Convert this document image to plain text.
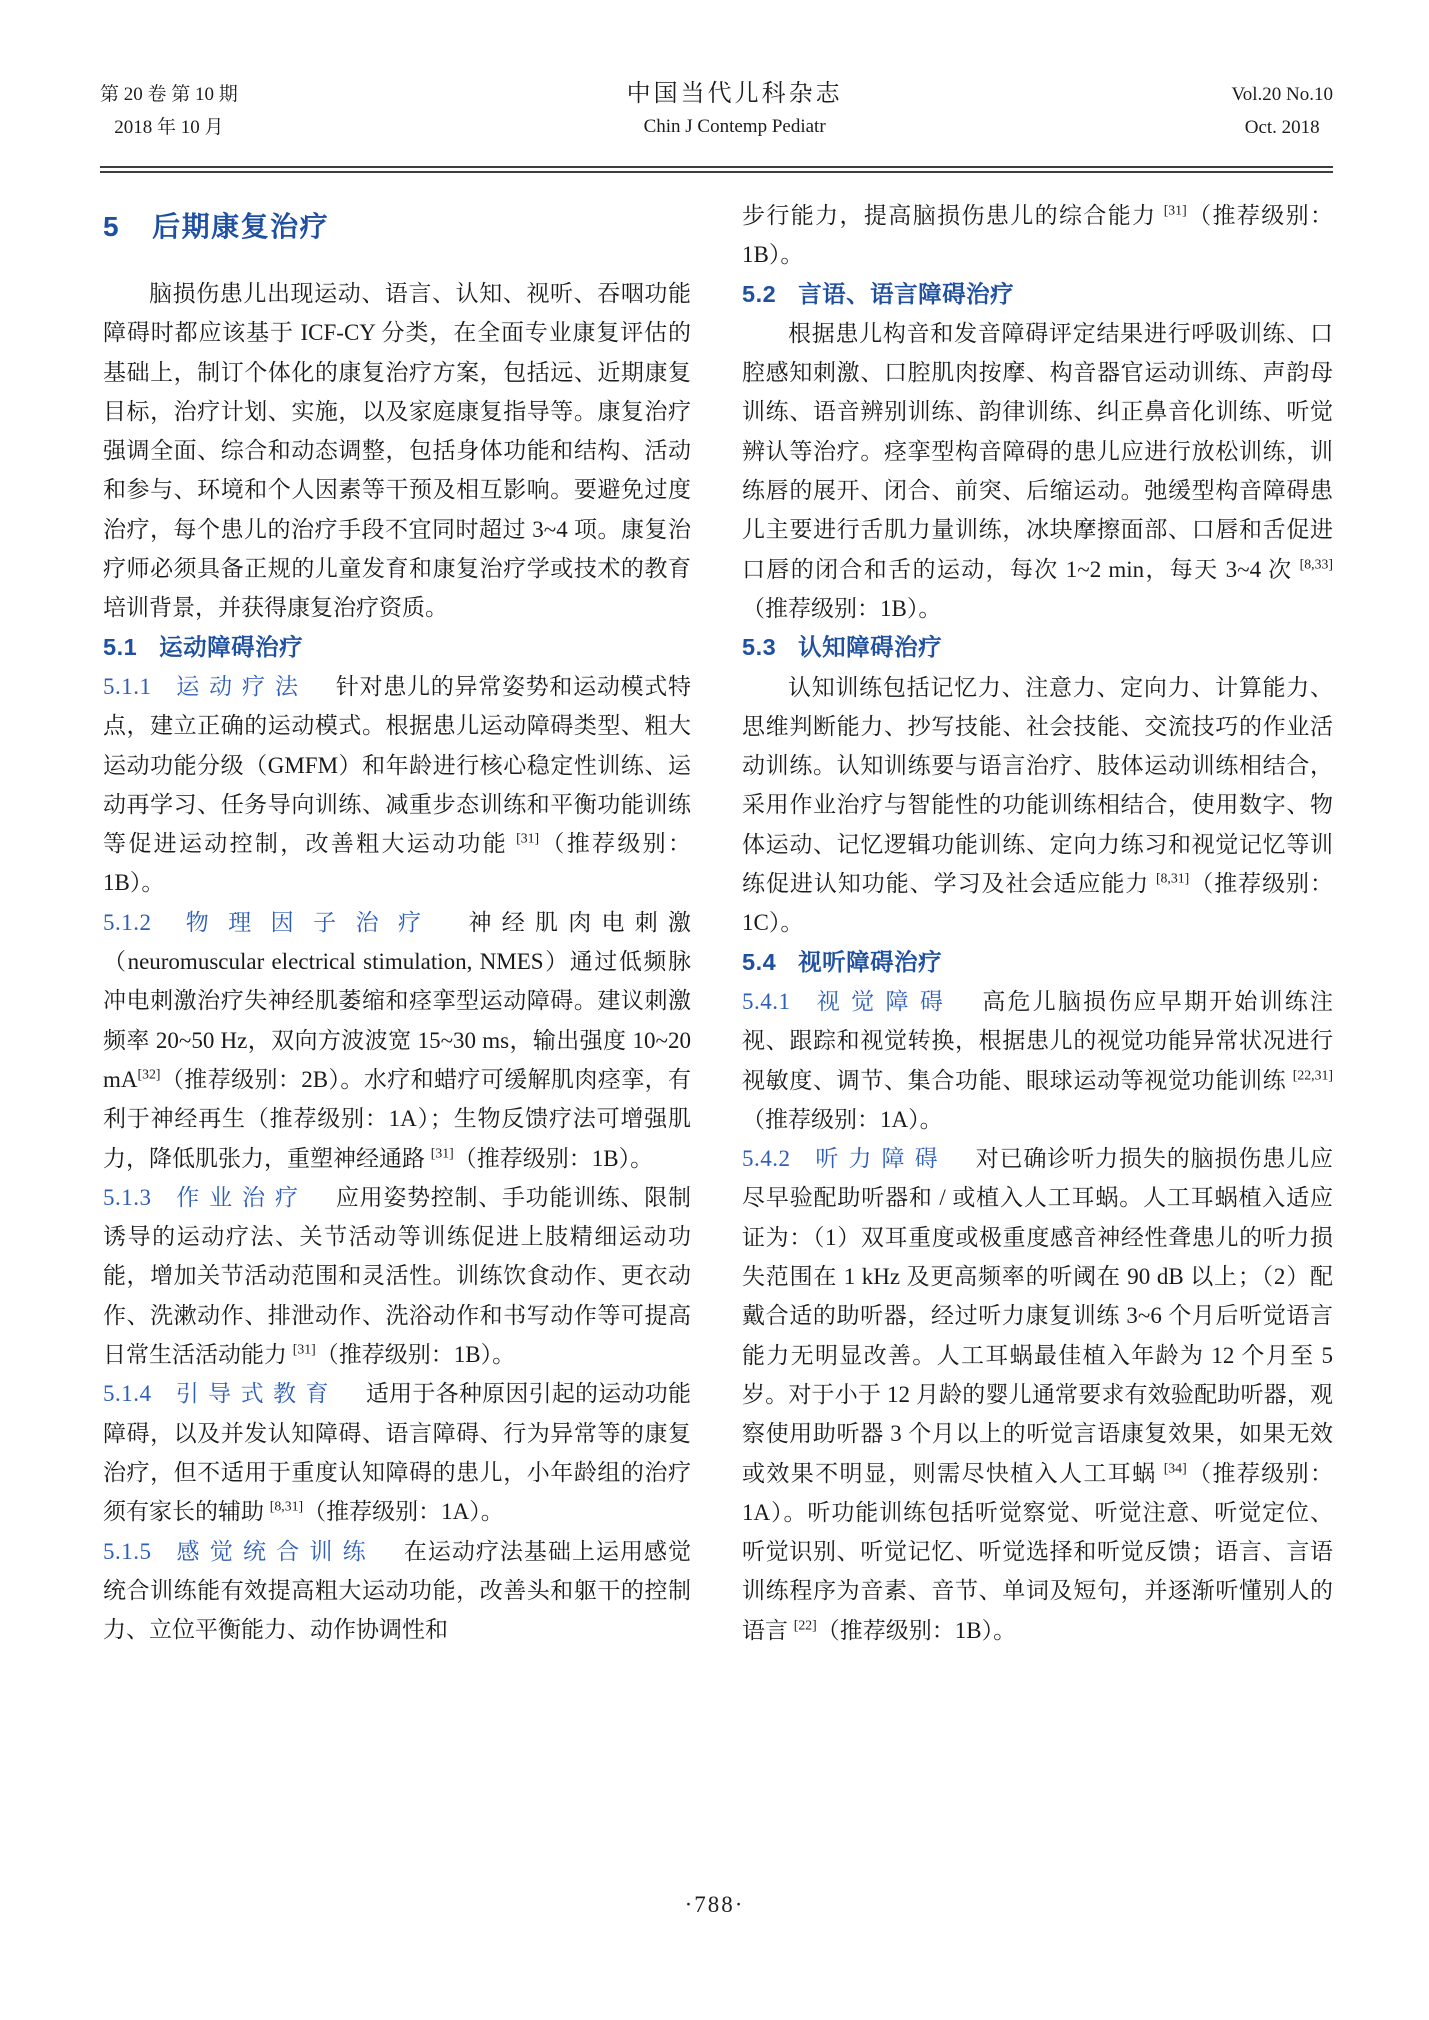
第 20 卷 第 10 期
2018 年 10 月
中国当代儿科杂志
Chin J Contemp Pediatr
Vol.20 No.10
Oct. 2018
5 后期康复治疗

脑损伤患儿出现运动、语言、认知、视听、吞咽功能障碍时都应该基于 ICF-CY 分类，在全面专业康复评估的基础上，制订个体化的康复治疗方案，包括远、近期康复目标，治疗计划、实施，以及家庭康复指导等。康复治疗强调全面、综合和动态调整，包括身体功能和结构、活动和参与、环境和个人因素等干预及相互影响。要避免过度治疗，每个患儿的治疗手段不宜同时超过 3~4 项。康复治疗师必须具备正规的儿童发育和康复治疗学或技术的教育培训背景，并获得康复治疗资质。

5.1 运动障碍治疗

5.1.1 运动疗法 针对患儿的异常姿势和运动模式特点，建立正确的运动模式。根据患儿运动障碍类型、粗大运动功能分级（GMFM）和年龄进行核心稳定性训练、运动再学习、任务导向训练、减重步态训练和平衡功能训练等促进运动控制，改善粗大运动功能 [31]（推荐级别：1B）。

5.1.2 物理因子治疗 神经肌肉电刺激（neuromuscular electrical stimulation, NMES）通过低频脉冲电刺激治疗失神经肌萎缩和痉挛型运动障碍。建议刺激频率 20~50 Hz，双向方波波宽 15~30 ms，输出强度 10~20 mA[32]（推荐级别：2B）。水疗和蜡疗可缓解肌肉痉挛，有利于神经再生（推荐级别：1A）；生物反馈疗法可增强肌力，降低肌张力，重塑神经通路 [31]（推荐级别：1B）。

5.1.3 作业治疗 应用姿势控制、手功能训练、限制诱导的运动疗法、关节活动等训练促进上肢精细运动功能，增加关节活动范围和灵活性。训练饮食动作、更衣动作、洗漱动作、排泄动作、洗浴动作和书写动作等可提高日常生活活动能力 [31]（推荐级别：1B）。

5.1.4 引导式教育 适用于各种原因引起的运动功能障碍，以及并发认知障碍、语言障碍、行为异常等的康复治疗，但不适用于重度认知障碍的患儿，小年龄组的治疗须有家长的辅助 [8,31]（推荐级别：1A）。

5.1.5 感觉统合训练 在运动疗法基础上运用感觉统合训练能有效提高粗大运动功能，改善头和躯干的控制力、立位平衡能力、动作协调性和

步行能力，提高脑损伤患儿的综合能力 [31]（推荐级别：1B）。

5.2 言语、语言障碍治疗

根据患儿构音和发音障碍评定结果进行呼吸训练、口腔感知刺激、口腔肌肉按摩、构音器官运动训练、声韵母训练、语音辨别训练、韵律训练、纠正鼻音化训练、听觉辨认等治疗。痉挛型构音障碍的患儿应进行放松训练，训练唇的展开、闭合、前突、后缩运动。弛缓型构音障碍患儿主要进行舌肌力量训练，冰块摩擦面部、口唇和舌促进口唇的闭合和舌的运动，每次 1~2 min，每天 3~4 次 [8,33]（推荐级别：1B）。

5.3 认知障碍治疗

认知训练包括记忆力、注意力、定向力、计算能力、思维判断能力、抄写技能、社会技能、交流技巧的作业活动训练。认知训练要与语言治疗、肢体运动训练相结合，采用作业治疗与智能性的功能训练相结合，使用数字、物体运动、记忆逻辑功能训练、定向力练习和视觉记忆等训练促进认知功能、学习及社会适应能力 [8,31]（推荐级别：1C）。

5.4 视听障碍治疗

5.4.1 视觉障碍 高危儿脑损伤应早期开始训练注视、跟踪和视觉转换，根据患儿的视觉功能异常状况进行视敏度、调节、集合功能、眼球运动等视觉功能训练 [22,31]（推荐级别：1A）。

5.4.2 听力障碍 对已确诊听力损失的脑损伤患儿应尽早验配助听器和 / 或植入人工耳蜗。人工耳蜗植入适应证为：（1）双耳重度或极重度感音神经性聋患儿的听力损失范围在 1 kHz 及更高频率的听阈在 90 dB 以上；（2）配戴合适的助听器，经过听力康复训练 3~6 个月后听觉语言能力无明显改善。人工耳蜗最佳植入年龄为 12 个月至 5 岁。对于小于 12 月龄的婴儿通常要求有效验配助听器，观察使用助听器 3 个月以上的听觉言语康复效果，如果无效或效果不明显，则需尽快植入人工耳蜗 [34]（推荐级别：1A）。听功能训练包括听觉察觉、听觉注意、听觉定位、听觉识别、听觉记忆、听觉选择和听觉反馈；语言、言语训练程序为音素、音节、单词及短句，并逐渐听懂别人的语言 [22]（推荐级别：1B）。

·788·
